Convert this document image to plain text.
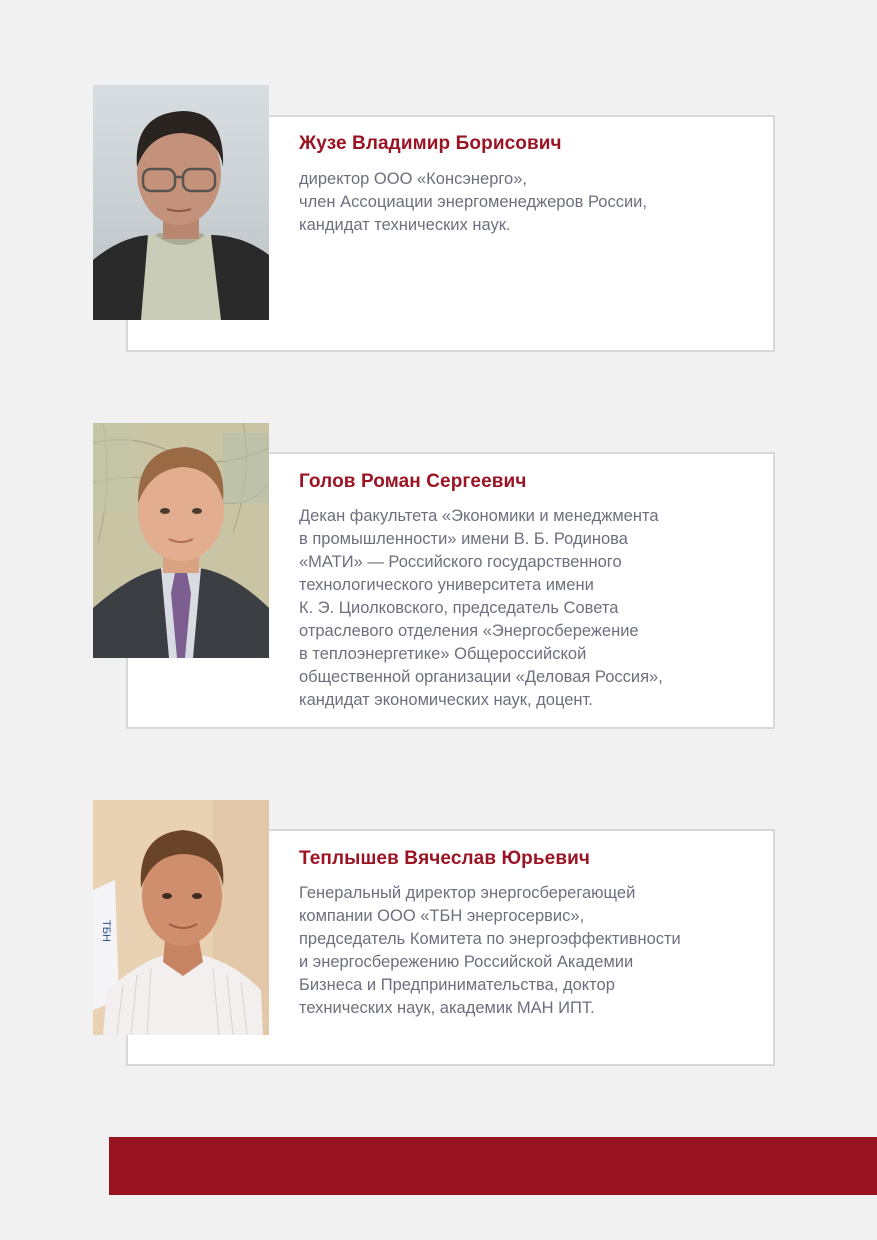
Жузе Владимир Борисович
директор ООО «Консэнерго»,
член Ассоциации энергоменеджеров России,
кандидат технических наук.
Голов Роман Сергеевич
Декан факультета «Экономики и менеджмента
в промышленности» имени В. Б. Родинова
«МАТИ» — Российского государственного
технологического университета имени
К. Э. Циолковского, председатель Совета
отраслевого отделения «Энергосбережение
в теплоэнергетике» Общероссийской
общественной организации «Деловая Россия»,
кандидат экономических наук, доцент.
ТБН
Теплышев Вячеслав Юрьевич
Генеральный директор энергосберегающей
компании ООО «ТБН энергосервис»,
председатель Комитета по энергоэффективности
и энергосбережению Российской Академии
Бизнеса и Предпринимательства, доктор
технических наук, академик МАН ИПТ.
